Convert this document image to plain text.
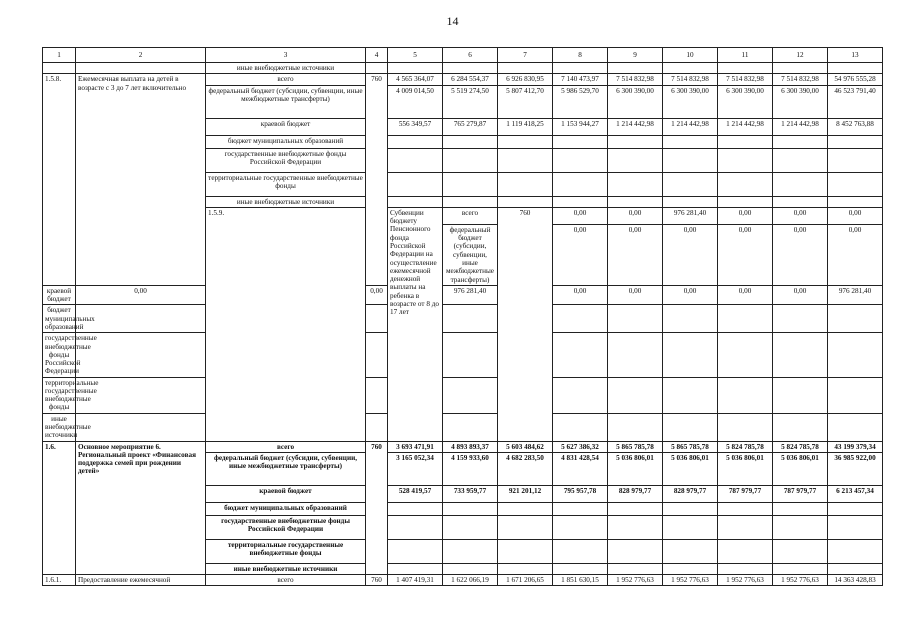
14
1	2	3	4	5	6	7	8	9	10	11	12	13	
		иные внебюджетные источники											
1.5.8.	Ежемесячная выплата на детей в возрасте с 3 до 7 лет включительно	всего	760	4 565 364,07	6 284 554,37	6 926 830,95	7 140 473,97	7 514 832,98	7 514 832,98	7 514 832,98	7 514 832,98	54 976 555,28	
		федеральный бюджет (субсидии, субвенции, иные межбюджетные трансферты)		4 009 014,50	5 519 274,50	5 807 412,70	5 986 529,70	6 300 390,00	6 300 390,00	6 300 390,00	6 300 390,00	46 523 791,40	
		краевой бюджет		556 349,57	765 279,87	1 119 418,25	1 153 944,27	1 214 442,98	1 214 442,98	1 214 442,98	1 214 442,98	8 452 763,88	
		бюджет муниципальных образований											
		государственные внебюджетные фонды Российской Федерации											
		территориальные государственные внебюджетные фонды											
		иные внебюджетные источники											
		1.5.9.		Субвенции бюджету Пенсионного фонда Российской Федерации на осуществление ежемесячной денежной выплаты на ребенка в возрасте от 8 до 17 лет	всего	760	0,00	0,00	976 281,40	0,00	0,00	0,00			
					федеральный бюджет (субсидии, субвенции, иные межбюджетные трансферты)		0,00	0,00	0,00	0,00	0,00	0,00			
краевой бюджет	0,00		0,00		976 281,40		0,00	0,00	0,00	0,00	0,00	976 281,40	
бюджет муниципальных образований													
государственные внебюджетные фонды Российской Федерации													
территориальные государственные внебюджетные фонды													
иные внебюджетные источники													
1.6.	Основное мероприятие 6. Региональный проект «Финансовая поддержка семей при рождении детей»	всего	760	3 693 471,91	4 893 893,37	5 603 484,62	5 627 386,32	5 865 785,78	5 865 785,78	5 824 785,78	5 824 785,78	43 199 379,34	
		федеральный бюджет (субсидии, субвенции, иные межбюджетные трансферты)		3 165 052,34	4 159 933,60	4 682 283,50	4 831 428,54	5 036 806,01	5 036 806,01	5 036 806,01	5 036 806,01	36 985 922,00	
		краевой бюджет		528 419,57	733 959,77	921 201,12	795 957,78	828 979,77	828 979,77	787 979,77	787 979,77	6 213 457,34	
		бюджет муниципальных образований											
		государственные внебюджетные фонды Российской Федерации											
		территориальные государственные внебюджетные фонды											
		иные внебюджетные источники											
1.6.1.	Предоставление ежемесячной	всего	760	1 407 419,31	1 622 066,19	1 671 206,65	1 851 630,15	1 952 776,63	1 952 776,63	1 952 776,63	1 952 776,63	14 363 428,83	
